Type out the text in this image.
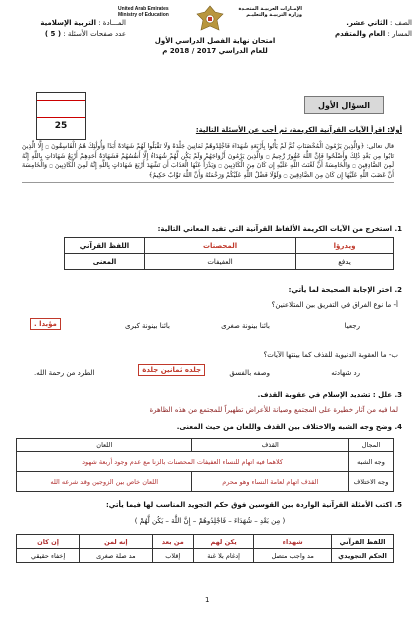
الصف : الثاني عشر.
المسار : العام والمتقدم
المـــادة : التربية الإسلامية
عدد صفحات الأسئلة : ( 5 )
United Arab Emirates
Ministry of Education
الإمـارات العربيـة المتحـدة
وزارة التربيـة والتعليـم
امتحان نهاية الفصل الدراسي الأول
للعام الدراسي 2017 / 2018 م
25
السؤال الأول
أولا: اقرأ الآيات القرآنية الكريمة، ثم أجب عن الأسئلة التالية:
قال تعالى: ﴿وَالَّذِينَ يَرْمُونَ الْمُحْصَنَاتِ ثُمَّ لَمْ يَأْتُوا بِأَرْبَعَةِ شُهَدَاءَ فَاجْلِدُوهُمْ ثَمَانِينَ جَلْدَةً وَلَا تَقْبَلُوا لَهُمْ شَهَادَةً أَبَدًا وَأُولَٰئِكَ هُمُ الْفَاسِقُونَ ۝ إِلَّا الَّذِينَ تَابُوا مِن بَعْدِ ذَٰلِكَ وَأَصْلَحُوا فَإِنَّ اللَّهَ غَفُورٌ رَّحِيمٌ ۝ وَالَّذِينَ يَرْمُونَ أَزْوَاجَهُمْ وَلَمْ يَكُن لَّهُمْ شُهَدَاءُ إِلَّا أَنفُسُهُمْ فَشَهَادَةُ أَحَدِهِمْ أَرْبَعُ شَهَادَاتٍ بِاللَّهِ إِنَّهُ لَمِنَ الصَّادِقِينَ ۝ وَالْخَامِسَةُ أَنَّ لَعْنَتَ اللَّهِ عَلَيْهِ إِن كَانَ مِنَ الْكَاذِبِينَ ۝ وَيَدْرَأُ عَنْهَا الْعَذَابَ أَن تَشْهَدَ أَرْبَعَ شَهَادَاتٍ بِاللَّهِ إِنَّهُ لَمِنَ الْكَاذِبِينَ ۝ وَالْخَامِسَةَ أَنَّ غَضَبَ اللَّهِ عَلَيْهَا إِن كَانَ مِنَ الصَّادِقِينَ ۝ وَلَوْلَا فَضْلُ اللَّهِ عَلَيْكُمْ وَرَحْمَتُهُ وَأَنَّ اللَّهَ تَوَّابٌ حَكِيمٌ﴾
1. استخرج من الآيات الكريمة الألفاظ القرآنية التي تفيد المعاني التالية:
ويدرؤا	المحصنات	اللفظ القرآني
يدفع	العفيفات	المعنى
2. اختر الإجابة الصحيحة لما يأتي:
أ- ما نوع الفراق في التفريق بين المتلاعنين؟
رجعيا
بائنا بينونة صغرى
بائنا بينونة كبرى
مؤبدا .
ب- ما العقوبة الدنيوية للقذف كما بينتها الآيات؟
رد شهادته
وصفه بالفسق
جلده ثمانين جلدة
الطرد من رحمة الله.
3. علل : تشديد الإسلام في عقوبة القذف.
لما فيه من آثار خطيرة على المجتمع وصيانة للأعراض تطهيراً للمجتمع من هذه الظاهرة
4. وضح وجه الشبه والاختلاف بين القذف واللعان من حيث المعنى.
المجال	القذف	اللعان
وجه الشبه	كلاهما فيه اتهام للنساء العفيفات المحصنات بالزنا مع عدم وجود أربعة شهود	
وجه الاختلاف	القذف اتهام لعامة النساء وهو محرم	اللعان خاص بين الزوجين وقد شرعه الله
5. اكتب الأمثلة القرآنية الواردة بين القوسين فوق حكم التجويد المناسب لها فيما يأتي:
( مِن بَعْدِ – شُهَدَاءَ – فَاجْلِدُوهُمْ – إِنَّ اللَّهَ – يَكُن لَّهُمْ )
اللفظ القرآني	شهداء	يكن لهم	من بعد	إنه لمن	إن كان
الحكم التجويدي	مد واجب متصل	إدغام بلا غنة	إقلاب	مد صلة صغرى	إخفاء حقيقي
1
